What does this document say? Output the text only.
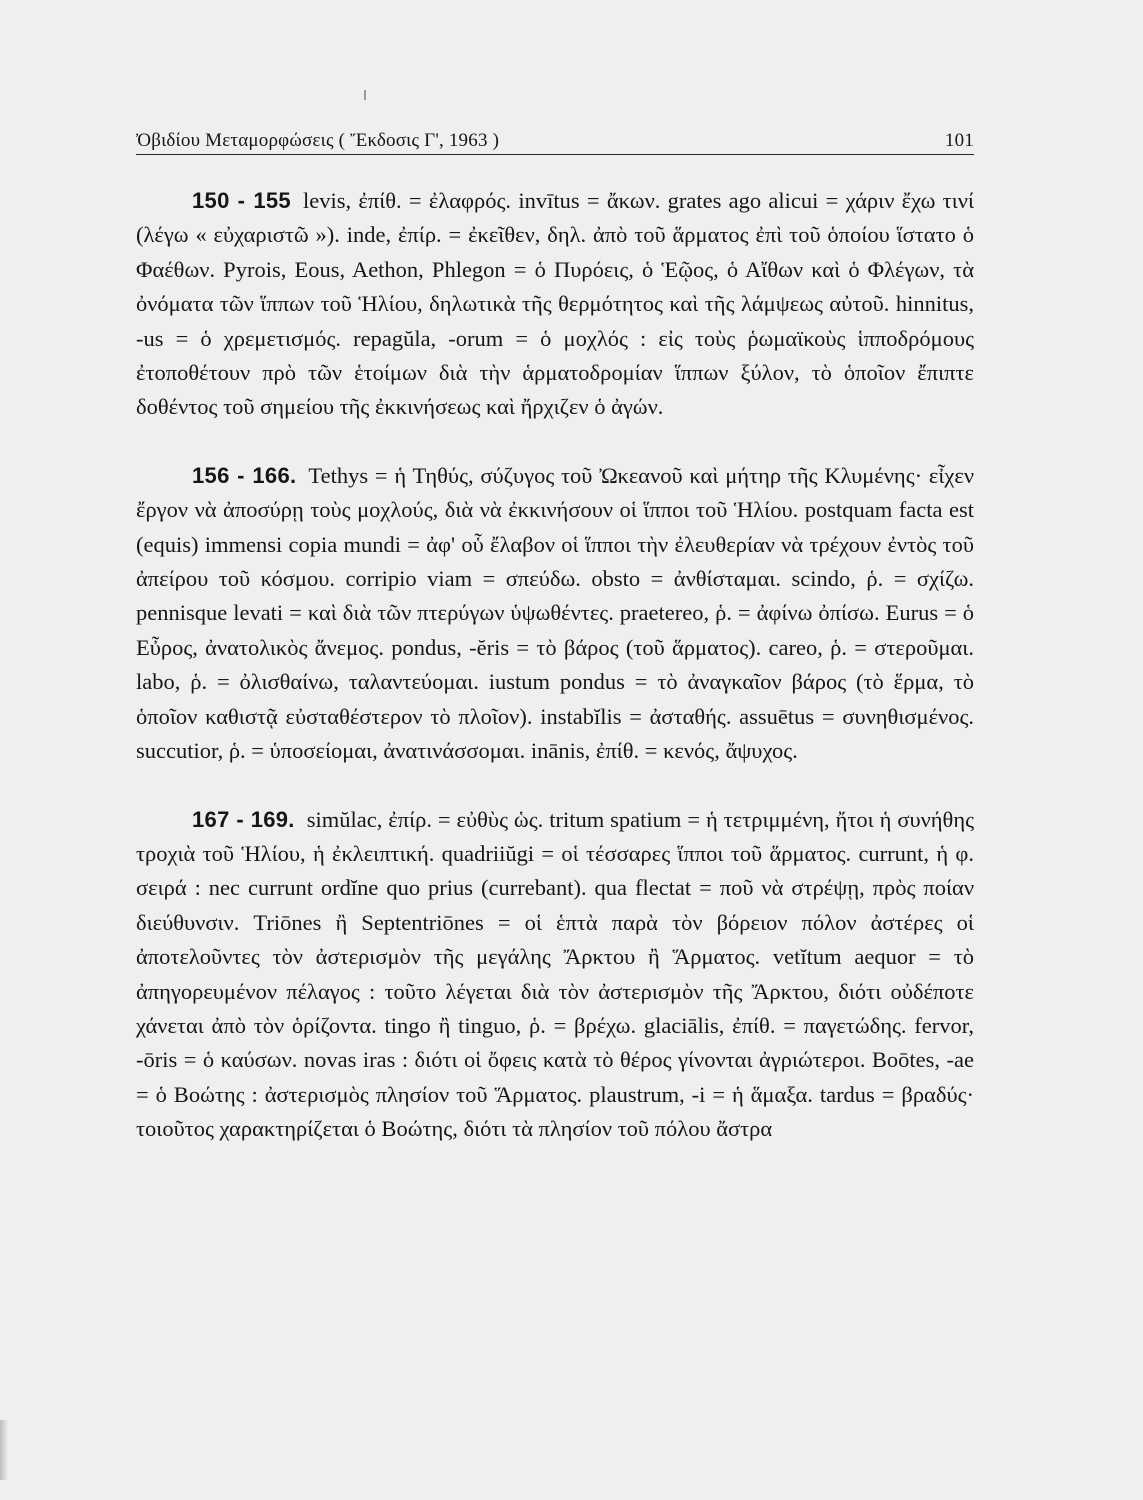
Ὀβιδίου Μεταμορφώσεις ( Ἔκδοσις Γ', 1963 )	101

150 - 155 levis, ἐπίθ. = ἐλαφρός. invītus = ἄκων. grates ago alicui = χάριν ἔχω τινί (λέγω « εὐχαριστῶ »). inde, ἐπίρ. = ἐκεῖθεν, δηλ. ἀπὸ τοῦ ἅρματος ἐπὶ τοῦ ὁποίου ἵστατο ὁ Φαέθων. Pyrois, Eous, Aethon, Phlegon = ὁ Πυρόεις, ὁ Ἑῷος, ὁ Αἴθων καὶ ὁ Φλέγων, τὰ ὀνόματα τῶν ἵππων τοῦ Ἡλίου, δηλωτικὰ τῆς θερμότητος καὶ τῆς λάμψεως αὐτοῦ. hinnitus, -us = ὁ χρεμετισμός. repagŭla, -orum = ὁ μοχλός : εἰς τοὺς ῥωμαϊκοὺς ἱπποδρόμους ἐτοποθέτουν πρὸ τῶν ἑτοίμων διὰ τὴν ἁρματοδρομίαν ἵππων ξύλον, τὸ ὁποῖον ἔπιπτε δοθέντος τοῦ σημείου τῆς ἐκκινήσεως καὶ ἤρχιζεν ὁ ἀγών.

156 - 166. Tethys = ἡ Τηθύς, σύζυγος τοῦ Ὠκεανοῦ καὶ μήτηρ τῆς Κλυμένης· εἶχεν ἔργον νὰ ἀποσύρῃ τοὺς μοχλούς, διὰ νὰ ἐκκινήσουν οἱ ἵπποι τοῦ Ἡλίου. postquam facta est (equis) immensi copia mundi = ἀφ' οὗ ἔλαβον οἱ ἵπποι τὴν ἐλευθερίαν νὰ τρέχουν ἐντὸς τοῦ ἀπείρου τοῦ κόσμου. corripio viam = σπεύδω. obsto = ἀνθίσταμαι. scindo, ῥ. = σχίζω. pennisque levati = καὶ διὰ τῶν πτερύγων ὑψωθέντες. praetereo, ῥ. = ἀφίνω ὀπίσω. Eurus = ὁ Εὖρος, ἀνατολικὸς ἄνεμος. pondus, -ĕris = τὸ βάρος (τοῦ ἅρματος). careo, ῥ. = στεροῦμαι. labo, ῥ. = ὀλισθαίνω, ταλαντεύομαι. iustum pondus = τὸ ἀναγκαῖον βάρος (τὸ ἕρμα, τὸ ὁποῖον καθιστᾷ εὐσταθέστερον τὸ πλοῖον). instabĭlis = ἀσταθής. assuētus = συνηθισμένος. succutior, ῥ. = ὑποσείομαι, ἀνατινάσσομαι. inānis, ἐπίθ. = κενός, ἄψυχος.

167 - 169. simŭlac, ἐπίρ. = εὐθὺς ὡς. tritum spatium = ἡ τετριμμένη, ἤτοι ἡ συνήθης τροχιὰ τοῦ Ἡλίου, ἡ ἐκλειπτική. quadriiŭgi = οἱ τέσσαρες ἵπποι τοῦ ἅρματος. currunt, ἡ φ. σειρά : nec currunt ordĭne quo prius (currebant). qua flectat = ποῦ νὰ στρέψῃ, πρὸς ποίαν διεύθυνσιν. Triōnes ἢ Septentriōnes = οἱ ἑπτὰ παρὰ τὸν βόρειον πόλον ἀστέρες οἱ ἀποτελοῦντες τὸν ἀστερισμὸν τῆς μεγάλης Ἄρκτου ἢ Ἅρματος. vetĭtum aequor = τὸ ἀπηγορευμένον πέλαγος : τοῦτο λέγεται διὰ τὸν ἀστερισμὸν τῆς Ἄρκτου, διότι οὐδέποτε χάνεται ἀπὸ τὸν ὁρίζοντα. tingo ἢ tinguo, ῥ. = βρέχω. glaciālis, ἐπίθ. = παγετώδης. fervor, -ōris = ὁ καύσων. novas iras : διότι οἱ ὄφεις κατὰ τὸ θέρος γίνονται ἀγριώτεροι. Boōtes, -ae = ὁ Βοώτης : ἀστερισμὸς πλησίον τοῦ Ἅρματος. plaustrum, -i = ἡ ἅμαξα. tardus = βραδύς· τοιοῦτος χαρακτηρίζεται ὁ Βοώτης, διότι τὰ πλησίον τοῦ πόλου ἄστρα
